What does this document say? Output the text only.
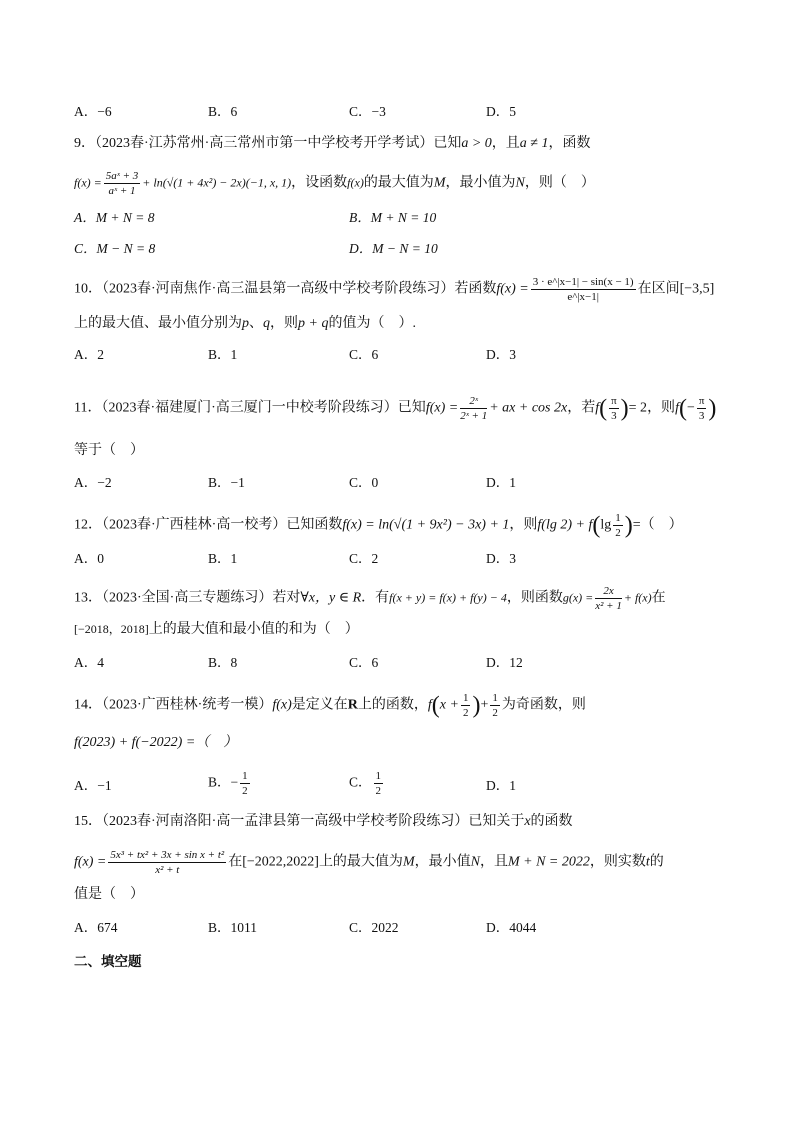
A．−6	B．6	C．−3	D．5
9．（2023春·江苏常州·高三常州市第一中学校考开学考试）已知a > 0，且a ≠ 1，函数
$f(x) = \frac{\text{5aˣ + 3}}{\text{aˣ + 1}} + \ln(√(1 + 4x^2) - 2x)(-1$, x, 1)，设函数f(x)的最大值为M，最小值为N，则（　）
A．M + N = 8	B．M + N = 10
C．M − N = 8	D．M − N = 10
10．（2023春·河南焦作·高三温县第一高级中学校考阶段练习）若函数$f(x) = \frac{3 \cdot e\^{}|x-1| - \sin(x - 1)}{e\^{}|x-1|}$ 在区间[−3,5]
上的最大值、最小值分别为p、q，则p + q的值为（　）.
A．2	B．1	C．6	D．3
11．（2023春·福建厦门·高三厦门一中校考阶段练习）已知$f(x) = \frac{\text{2ˣ}}{\text{2ˣ + 1}}$ + ax + cos 2x，若$f( \frac{\pi}{3}$ )= 2，则$f(- \frac{\pi}{3}$ )
等于（　）
A．−2	B．−1	C．0	D．1
12．（2023春·广西桂林·高一校考）已知函数f(x) = ln(√(1 + 9x²) − 3x) + 1，则f(lg $2) + f(\lg \frac{1}{2}$ )=（　）
A．0	B．1	C．2	D．3
13．（2023·全国·高三专题练习）若对∀x，y ∈ R．有f(x + y) = f(x) + f(y) − 4，则函数$g(x) = \frac{2x}{\text{x² + 1}} + f(x)$在
[−2018，2018]上的最大值和最小值的和为（　）
A．4	B．8	C．6	D．12
14．（2023·广西桂林·统考一模）f(x)是定义在R上的函数，$f(x + \frac{1}{2}$ )+ $\frac{1}{2}$ 为奇函数，则
f(2023) + f(−2022) =（　）
A．−1	B．− $\frac{1}{2}$	C． $\frac{1}{2}$	D．1
15．（2023春·河南洛阳·高一孟津县第一高级中学校考阶段练习）已知关于x的函数
$f(x) = \frac{\text{5x³ + tx² + 3x + sin x + t²}}{\text{x² + t}}$ 在[−2022,2022]上的最大值为M，最小值N，且M + N = 2022，则实数t的
值是（　）
A．674	B．1011	C．2022	D．4044
二、填空题
